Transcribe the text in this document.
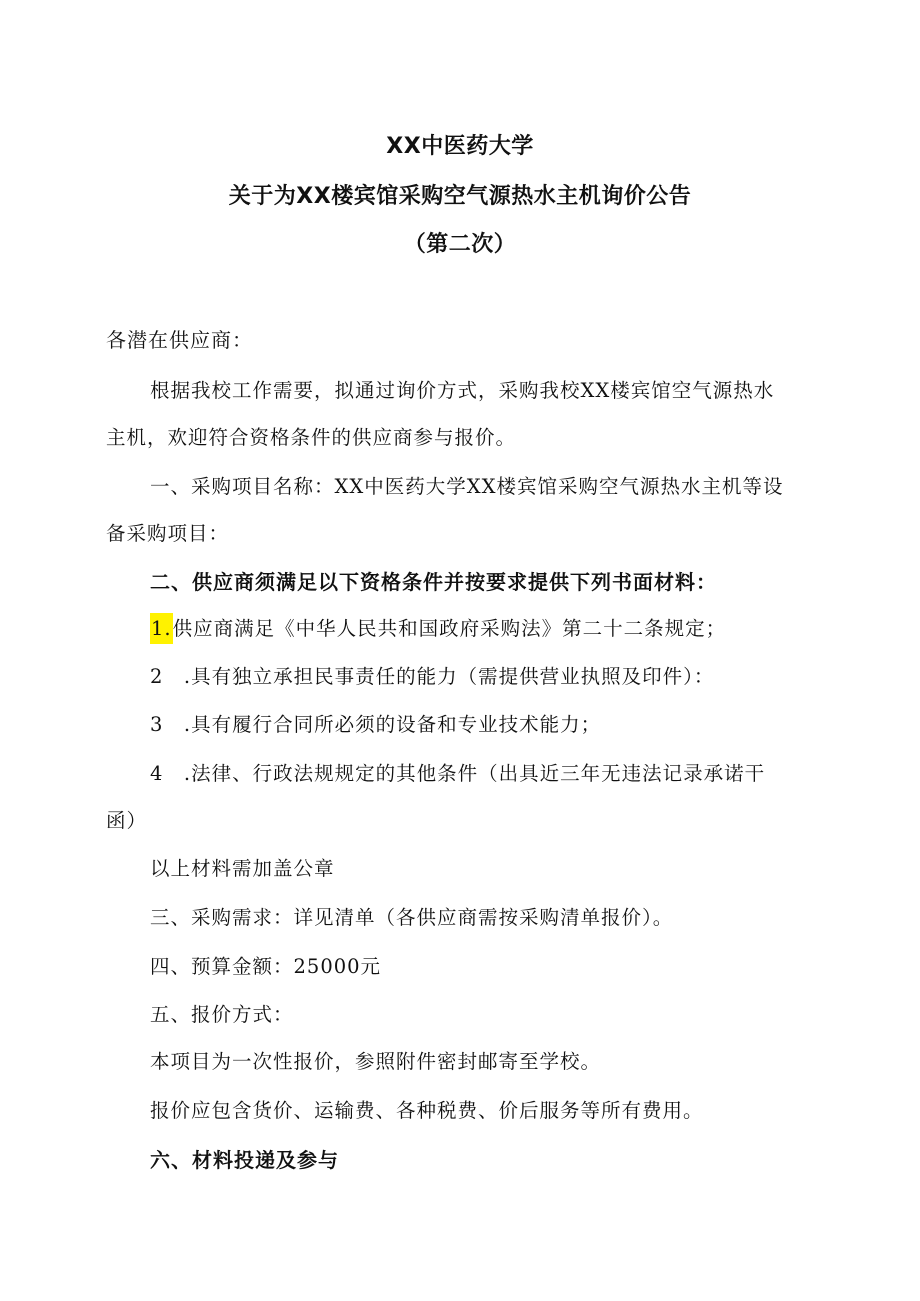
XX中医药大学
关于为XX楼宾馆采购空气源热水主机询价公告
（第二次）
各潜在供应商：
根据我校工作需要，拟通过询价方式，采购我校XX楼宾馆空气源热水
主机，欢迎符合资格条件的供应商参与报价。
一、采购项目名称：XX中医药大学XX楼宾馆采购空气源热水主机等设
备采购项目：
二、供应商须满足以下资格条件并按要求提供下列书面材料：
1.供应商满足《中华人民共和国政府采购法》第二十二条规定；
2　.具有独立承担民事责任的能力（需提供营业执照及印件）：
3　.具有履行合同所必须的设备和专业技术能力；
4　.法律、行政法规规定的其他条件（出具近三年无违法记录承诺干
函）
以上材料需加盖公章
三、采购需求：详见清单（各供应商需按采购清单报价）。
四、预算金额：25000元
五、报价方式：
本项目为一次性报价，参照附件密封邮寄至学校。
报价应包含货价、运输费、各种税费、价后服务等所有费用。
六、材料投递及参与
